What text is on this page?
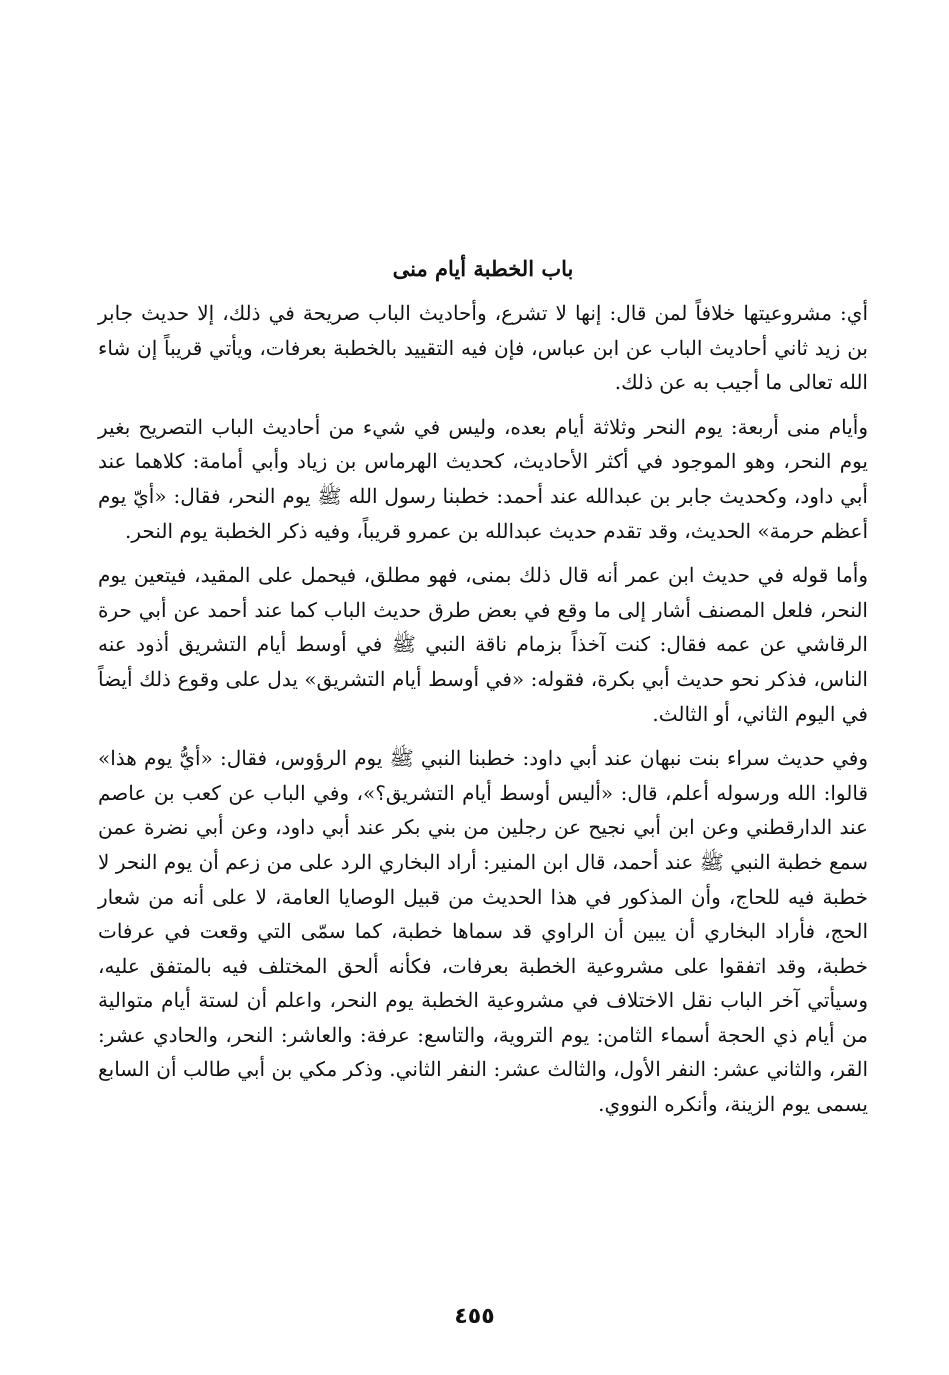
باب الخطبة أيام منى

أي: مشروعيتها خلافاً لمن قال: إنها لا تشرع، وأحاديث الباب صريحة في ذلك، إلا حديث جابر بن زيد ثاني أحاديث الباب عن ابن عباس، فإن فيه التقييد بالخطبة بعرفات، ويأتي قريباً إن شاء الله تعالى ما أجيب به عن ذلك.

وأيام منى أربعة: يوم النحر وثلاثة أيام بعده، وليس في شيء من أحاديث الباب التصريح بغير يوم النحر، وهو الموجود في أكثر الأحاديث، كحديث الهرماس بن زياد وأبي أمامة: كلاهما عند أبي داود، وكحديث جابر بن عبدالله عند أحمد: خطبنا رسول الله ﷺ يوم النحر، فقال: «أيّ يوم أعظم حرمة» الحديث، وقد تقدم حديث عبدالله بن عمرو قريباً، وفيه ذكر الخطبة يوم النحر.

وأما قوله في حديث ابن عمر أنه قال ذلك بمنى، فهو مطلق، فيحمل على المقيد، فيتعين يوم النحر، فلعل المصنف أشار إلى ما وقع في بعض طرق حديث الباب كما عند أحمد عن أبي حرة الرقاشي عن عمه فقال: كنت آخذاً بزمام ناقة النبي ﷺ في أوسط أيام التشريق أذود عنه الناس، فذكر نحو حديث أبي بكرة، فقوله: «في أوسط أيام التشريق» يدل على وقوع ذلك أيضاً في اليوم الثاني، أو الثالث.

وفي حديث سراء بنت نبهان عند أبي داود: خطبنا النبي ﷺ يوم الرؤوس، فقال: «أيُّ يوم هذا» قالوا: الله ورسوله أعلم، قال: «أليس أوسط أيام التشريق؟»، وفي الباب عن كعب بن عاصم عند الدارقطني وعن ابن أبي نجيح عن رجلين من بني بكر عند أبي داود، وعن أبي نضرة عمن سمع خطبة النبي ﷺ عند أحمد، قال ابن المنير: أراد البخاري الرد على من زعم أن يوم النحر لا خطبة فيه للحاج، وأن المذكور في هذا الحديث من قبيل الوصايا العامة، لا على أنه من شعار الحج، فأراد البخاري أن يبين أن الراوي قد سماها خطبة، كما سمّى التي وقعت في عرفات خطبة، وقد اتفقوا على مشروعية الخطبة بعرفات، فكأنه ألحق المختلف فيه بالمتفق عليه، وسيأتي آخر الباب نقل الاختلاف في مشروعية الخطبة يوم النحر، واعلم أن لستة أيام متوالية من أيام ذي الحجة أسماء الثامن: يوم التروية، والتاسع: عرفة: والعاشر: النحر، والحادي عشر: القر، والثاني عشر: النفر الأول، والثالث عشر: النفر الثاني. وذكر مكي بن أبي طالب أن السابع يسمى يوم الزينة، وأنكره النووي.

٤٥٥
